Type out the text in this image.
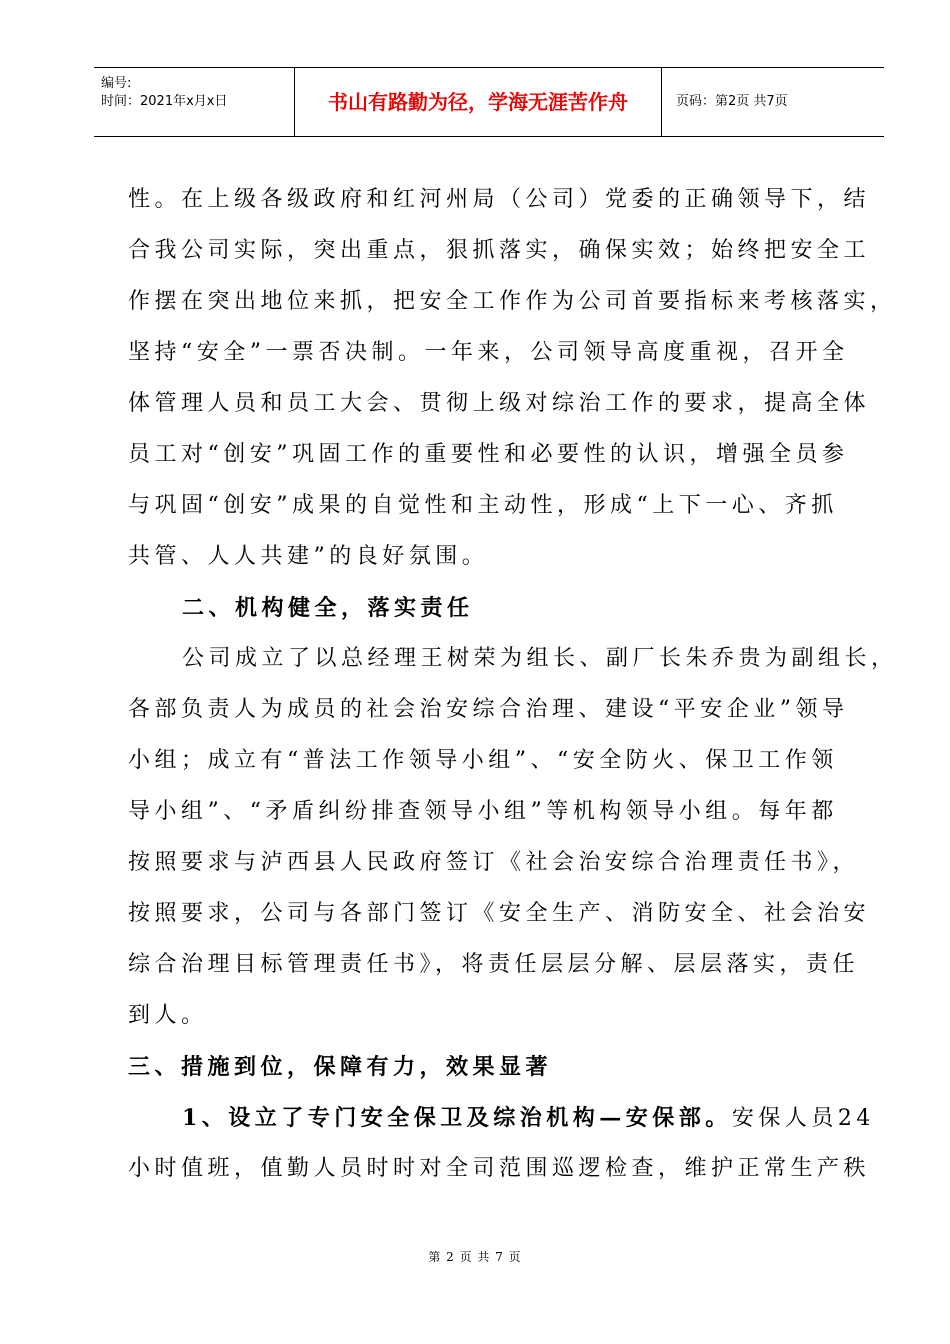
编号:
时间：2021年x月x日	书山有路勤为径，学海无涯苦作舟	页码：第2页 共7页
性。在上级各级政府和红河州局（公司）党委的正确领导下，结
合我公司实际，突出重点，狠抓落实，确保实效；始终把安全工
作摆在突出地位来抓，把安全工作作为公司首要指标来考核落实，
坚持“安全”一票否决制。一年来，公司领导高度重视，召开全
体管理人员和员工大会、贯彻上级对综治工作的要求，提高全体
员工对“创安”巩固工作的重要性和必要性的认识，增强全员参
与巩固“创安”成果的自觉性和主动性，形成“上下一心、齐抓
共管、人人共建”的良好氛围。
二、机构健全，落实责任
公司成立了以总经理王树荣为组长、副厂长朱乔贵为副组长，
各部负责人为成员的社会治安综合治理、建设“平安企业”领导
小组；成立有“普法工作领导小组”、“安全防火、保卫工作领
导小组”、“矛盾纠纷排查领导小组”等机构领导小组。每年都
按照要求与泸西县人民政府签订《社会治安综合治理责任书》，
按照要求，公司与各部门签订《安全生产、消防安全、社会治安
综合治理目标管理责任书》，将责任层层分解、层层落实，责任
到人。
三、措施到位，保障有力，效果显著
1、设立了专门安全保卫及综治机构—安保部。安保人员24
小时值班，值勤人员时时对全司范围巡逻检查，维护正常生产秩
第 2 页 共 7 页
